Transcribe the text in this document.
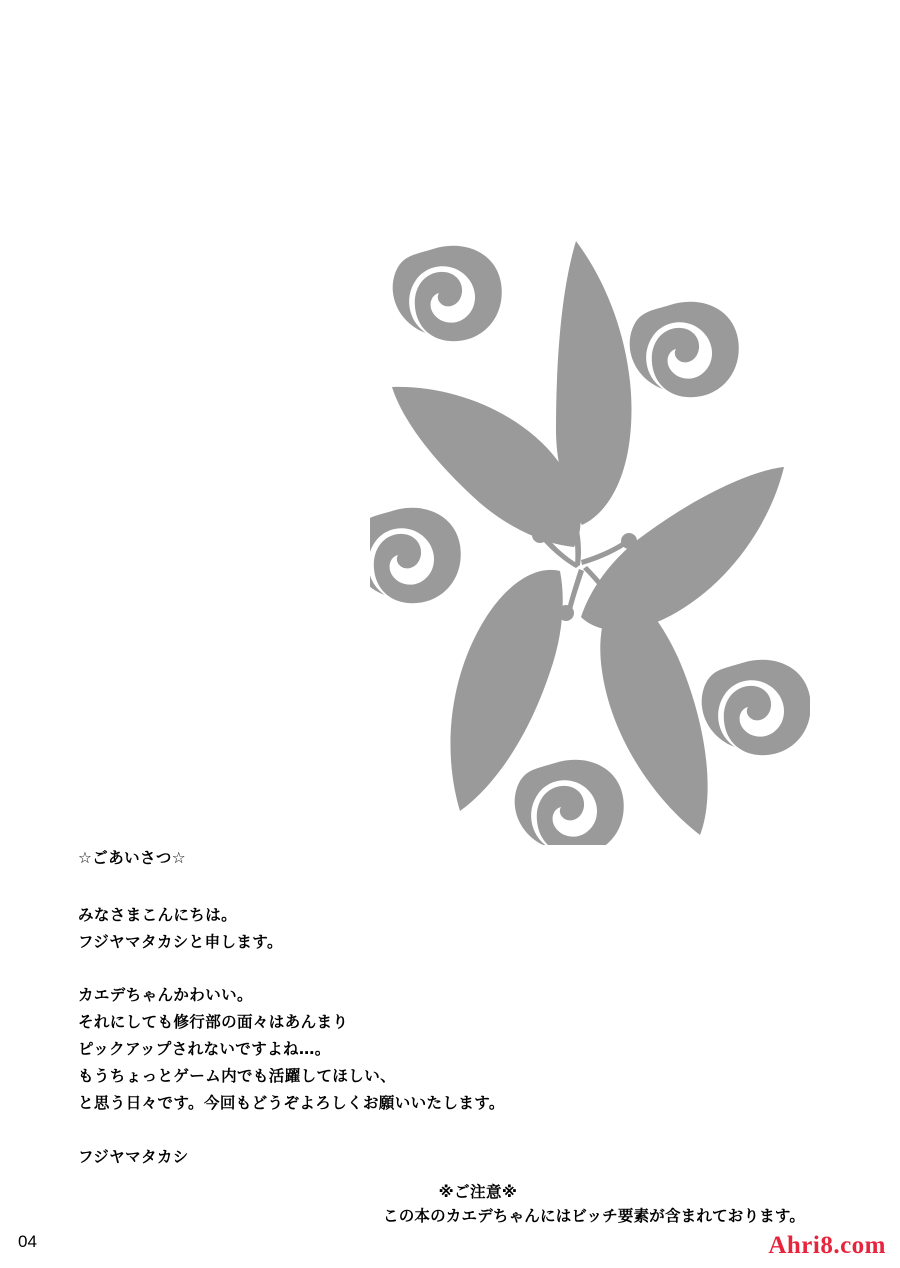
☆ごあいさつ☆
みなさまこんにちは。
フジヤマタカシと申します。
カエデちゃんかわいい。
それにしても修行部の面々はあんまり
ピックアップされないですよね…。
もうちょっとゲーム内でも活躍してほしい、
と思う日々です。今回もどうぞよろしくお願いいたします。
フジヤマタカシ
※ご注意※
この本のカエデちゃんにはビッチ要素が含まれております。
04	Ahri8.com
